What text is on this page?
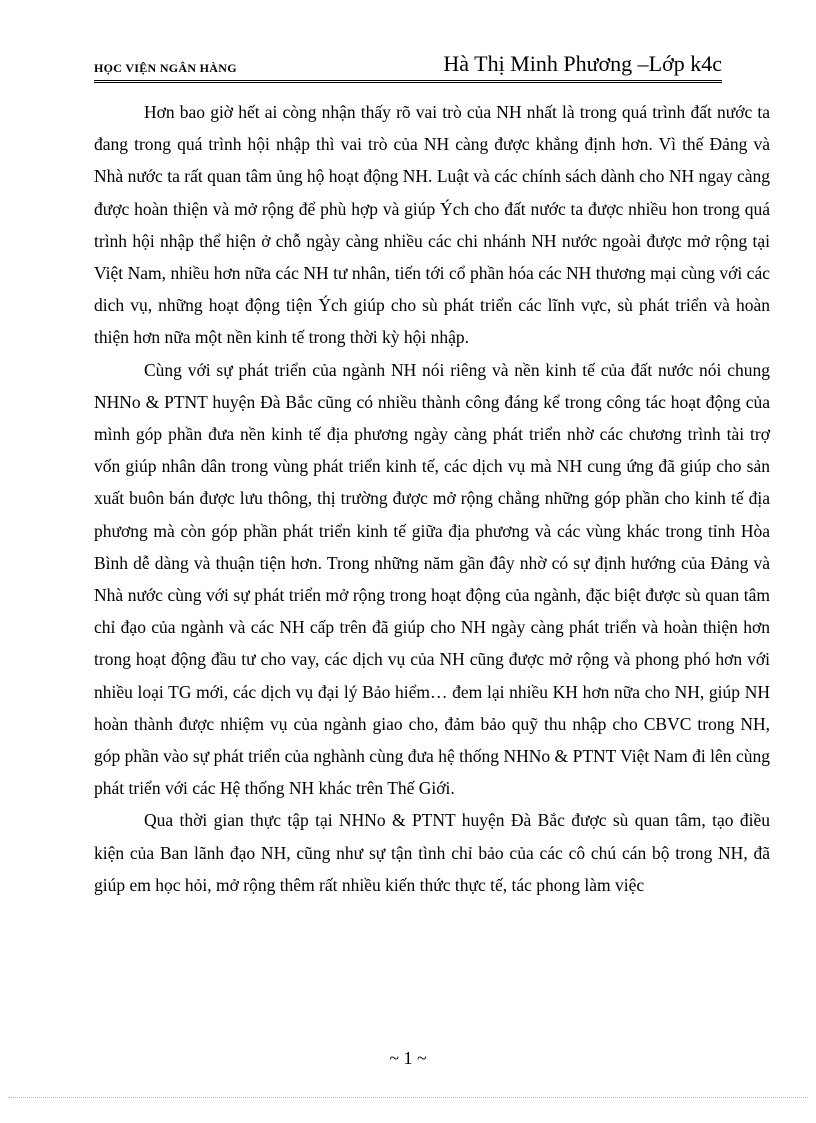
HỌC VIỆN NGÂN HÀNG	Hà Thị Minh Phương –Lớp k4c

Hơn bao giờ hết ai còng nhận thấy rõ vai trò của NH nhất là trong quá trình đất nước ta đang trong quá trình hội nhập thì vai trò của NH càng được khẳng định hơn. Vì thế Đảng và Nhà nước ta rất quan tâm ủng hộ hoạt động NH. Luật và các chính sách dành cho NH ngay càng được hoàn thiện và mở rộng để phù hợp và giúp Ých cho đất nước ta được nhiều hon trong quá trình hội nhập thể hiện ở chỗ ngày càng nhiều các chi nhánh NH nước ngoài được mở rộng tại Việt Nam, nhiều hơn nữa các NH tư nhân, tiến tới cổ phần hóa các NH thương mại cùng với các dich vụ, những hoạt động tiện Ých giúp cho sù phát triển các lĩnh vực, sù phát triển và hoàn thiện hơn nữa một nền kinh tế trong thời kỳ hội nhập.

Cùng với sự phát triển của ngành NH nói riêng và nền kinh tế của đất nước nói chung NHNo & PTNT huyện Đà Bắc cũng có nhiều thành công đáng kể trong công tác hoạt động của mình góp phần đưa nền kinh tế địa phương ngày càng phát triển nhờ các chương trình tài trợ vốn giúp nhân dân trong vùng phát triển kinh tế, các dịch vụ mà NH cung ứng đã giúp cho sản xuất buôn bán được lưu thông, thị trường được mở rộng chẳng những góp phần cho kinh tế địa phương mà còn góp phần phát triển kinh tế giữa địa phương và các vùng khác trong tỉnh Hòa Bình dễ dàng và thuận tiện hơn. Trong những năm gần đây nhờ có sự định hướng của Đảng và Nhà nước cùng với sự phát triển mở rộng trong hoạt động của ngành, đặc biệt được sù quan tâm chỉ đạo của ngành và các NH cấp trên đã giúp cho NH ngày càng phát triển và hoàn thiện hơn trong hoạt động đầu tư cho vay, các dịch vụ của NH cũng được mở rộng và phong phó hơn với nhiều loại TG mới, các dịch vụ đại lý Bảo hiểm… đem lại nhiều KH hơn nữa cho NH, giúp NH hoàn thành được nhiệm vụ của ngành giao cho, đảm bảo quỹ thu nhập cho CBVC trong NH, góp phần vào sự phát triển của nghành cùng đưa hệ thống NHNo & PTNT Việt Nam đi lên cùng phát triển với các Hệ thống NH khác trên Thế Giới.

Qua thời gian thực tập tại NHNo & PTNT huyện Đà Bắc được sù quan tâm, tạo điều kiện của Ban lãnh đạo NH, cũng như sự tận tình chỉ bảo của các cô chú cán bộ trong NH, đã giúp em học hỏi, mở rộng thêm rất nhiều kiến thức thực tế, tác phong làm việc

~ 1 ~
